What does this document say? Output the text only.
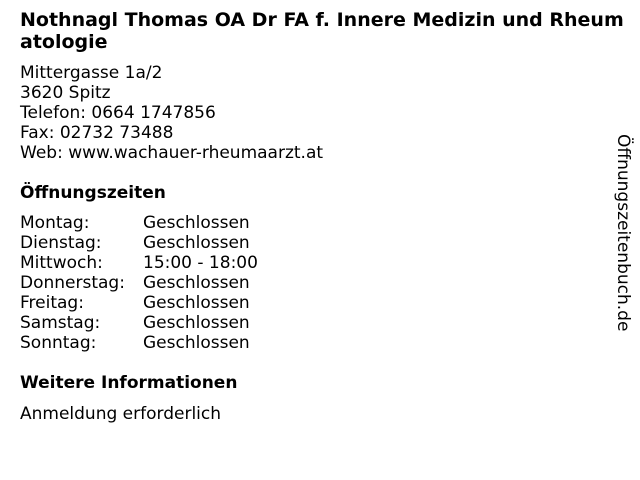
Nothnagl Thomas OA Dr FA f. Innere Medizin und Rheumatologie
Mittergasse 1a/2
3620 Spitz
Telefon: 0664 1747856
Fax: 02732 73488
Web: www.wachauer-rheumaarzt.at
Öffnungszeiten
Montag:	Geschlossen
Dienstag:	Geschlossen
Mittwoch:	15:00 - 18:00
Donnerstag:	Geschlossen
Freitag:	Geschlossen
Samstag:	Geschlossen
Sonntag:	Geschlossen
Weitere Informationen
Anmeldung erforderlich
Öffnungszeitenbuch.de
